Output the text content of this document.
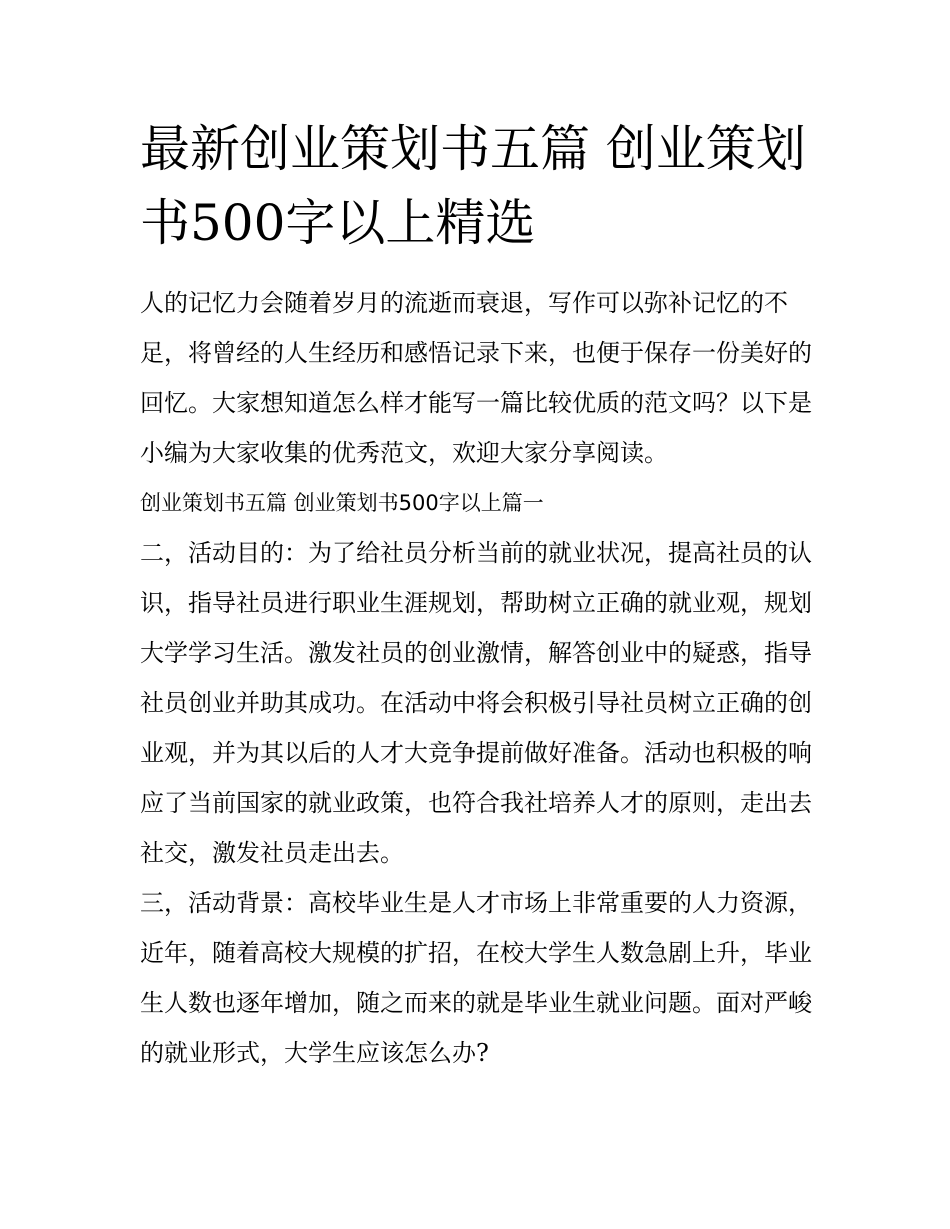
最新创业策划书五篇 创业策划书500字以上精选

人的记忆力会随着岁月的流逝而衰退，写作可以弥补记忆的不足，将曾经的人生经历和感悟记录下来，也便于保存一份美好的回忆。大家想知道怎么样才能写一篇比较优质的范文吗？以下是小编为大家收集的优秀范文，欢迎大家分享阅读。

创业策划书五篇 创业策划书500字以上篇一

二，活动目的：为了给社员分析当前的就业状况，提高社员的认识，指导社员进行职业生涯规划，帮助树立正确的就业观，规划大学学习生活。激发社员的创业激情，解答创业中的疑惑，指导社员创业并助其成功。在活动中将会积极引导社员树立正确的创业观，并为其以后的人才大竞争提前做好准备。活动也积极的响应了当前国家的就业政策，也符合我社培养人才的原则，走出去社交，激发社员走出去。

三，活动背景：高校毕业生是人才市场上非常重要的人力资源，近年，随着高校大规模的扩招，在校大学生人数急剧上升，毕业生人数也逐年增加，随之而来的就是毕业生就业问题。面对严峻的就业形式，大学生应该怎么办?
